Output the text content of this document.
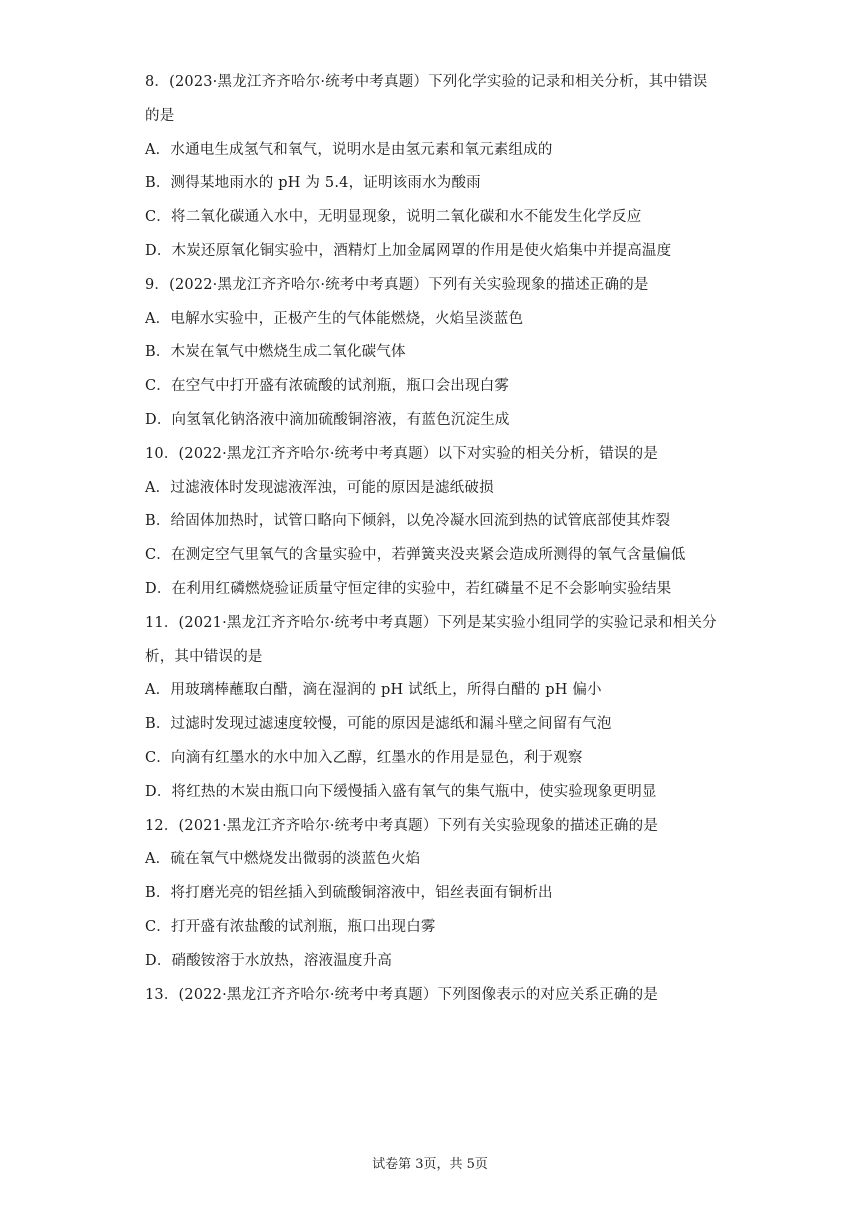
8．(2023·黑龙江齐齐哈尔·统考中考真题）下列化学实验的记录和相关分析，其中错误
的是
A．水通电生成氢气和氧气，说明水是由氢元素和氧元素组成的
B．测得某地雨水的 pH 为 5.4，证明该雨水为酸雨
C．将二氧化碳通入水中，无明显现象，说明二氧化碳和水不能发生化学反应
D．木炭还原氧化铜实验中，酒精灯上加金属网罩的作用是使火焰集中并提高温度
9．(2022·黑龙江齐齐哈尔·统考中考真题）下列有关实验现象的描述正确的是
A．电解水实验中，正极产生的气体能燃烧，火焰呈淡蓝色
B．木炭在氧气中燃烧生成二氧化碳气体
C．在空气中打开盛有浓硫酸的试剂瓶，瓶口会出现白雾
D．向氢氧化钠洛液中滴加硫酸铜溶液，有蓝色沉淀生成
10．(2022·黑龙江齐齐哈尔·统考中考真题）以下对实验的相关分析，错误的是
A．过滤液体时发现滤液浑浊，可能的原因是滤纸破损
B．给固体加热时，试管口略向下倾斜，以免冷凝水回流到热的试管底部使其炸裂
C．在测定空气里氧气的含量实验中，若弹簧夹没夹紧会造成所测得的氧气含量偏低
D．在利用红磷燃烧验证质量守恒定律的实验中，若红磷量不足不会影响实验结果
11．(2021·黑龙江齐齐哈尔·统考中考真题）下列是某实验小组同学的实验记录和相关分
析，其中错误的是
A．用玻璃棒蘸取白醋，滴在湿润的 pH 试纸上，所得白醋的 pH 偏小
B．过滤时发现过滤速度较慢，可能的原因是滤纸和漏斗壁之间留有气泡
C．向滴有红墨水的水中加入乙醇，红墨水的作用是显色，利于观察
D．将红热的木炭由瓶口向下缓慢插入盛有氧气的集气瓶中，使实验现象更明显
12．(2021·黑龙江齐齐哈尔·统考中考真题）下列有关实验现象的描述正确的是
A．硫在氧气中燃烧发出微弱的淡蓝色火焰
B．将打磨光亮的铝丝插入到硫酸铜溶液中，铝丝表面有铜析出
C．打开盛有浓盐酸的试剂瓶，瓶口出现白雾
D．硝酸铵溶于水放热，溶液温度升高
13．(2022·黑龙江齐齐哈尔·统考中考真题）下列图像表示的对应关系正确的是
试卷第 3页，共 5页
